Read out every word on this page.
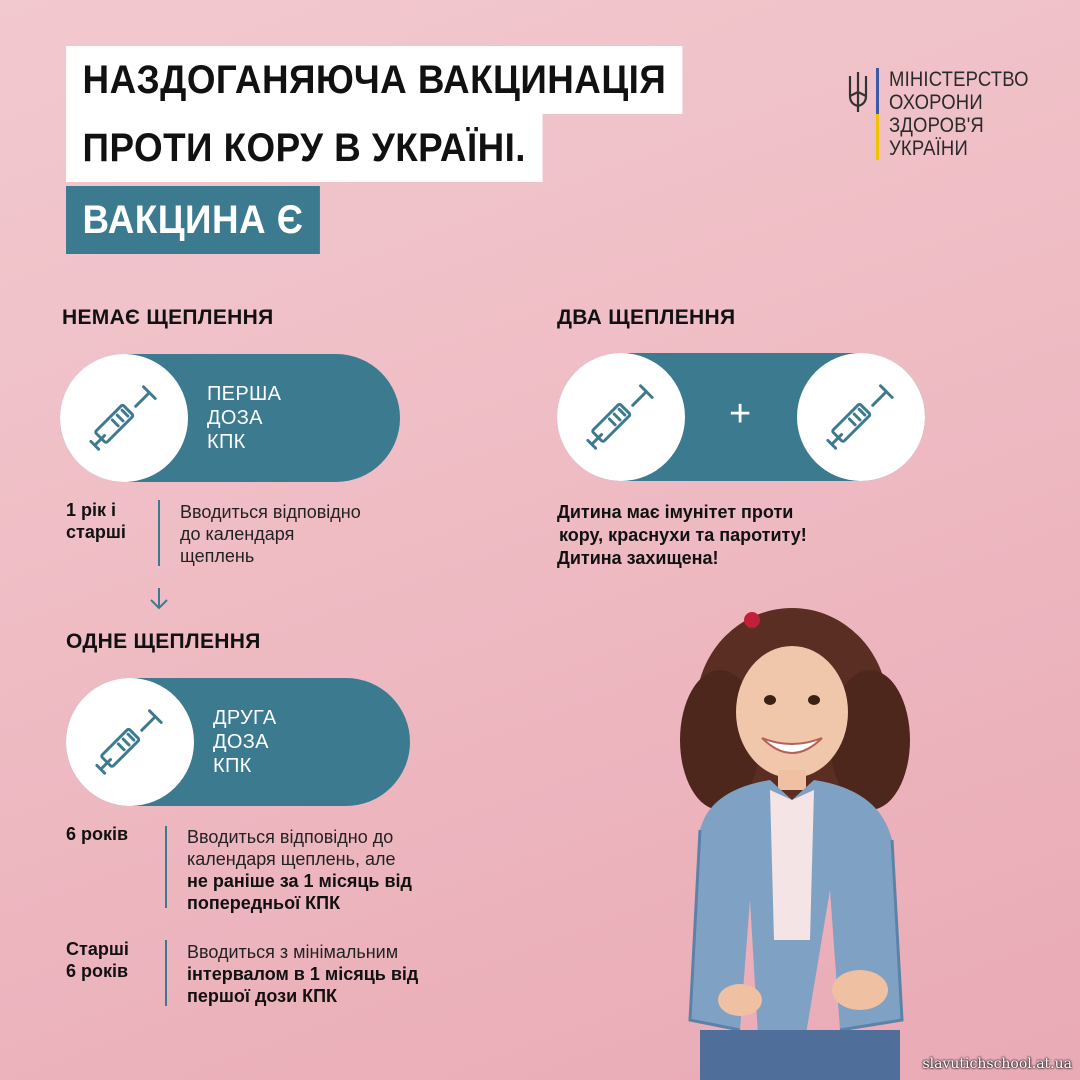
НАЗДОГАНЯЮЧА ВАКЦИНАЦІЯ
ПРОТИ КОРУ В УКРАЇНІ.
ВАКЦИНА Є
МІНІСТЕРСТВО
ОХОРОНИ
ЗДОРОВ'Я
УКРАЇНИ
НЕМАЄ ЩЕПЛЕННЯ
ПЕРША
ДОЗА
КПК
1 рік і
старші
Вводиться відповідно
до календаря
щеплень
ОДНЕ ЩЕПЛЕННЯ
ДРУГА
ДОЗА
КПК
6 років	Вводиться відповідно до
календаря щеплень, але
не раніше за 1 місяць від
попередньої КПК
Старші
6 років
Вводиться з мінімальним
інтервалом в 1 місяць від
першої дози КПК
ДВА ЩЕПЛЕННЯ
+
Дитина має імунітет проти
кору, краснухи та паротиту!
Дитина захищена!
slavutichschool.at.ua
